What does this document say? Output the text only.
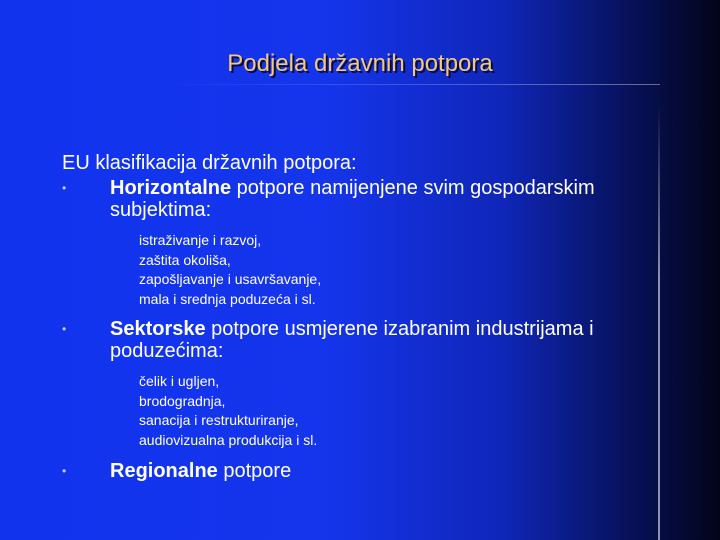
Podjela državnih potpora
EU klasifikacija državnih potpora:
• Horizontalne potpore namijenjene svim gospodarskim subjektima:
istraživanje i razvoj,
zaštita okoliša,
zapošljavanje i usavršavanje,
mala i srednja poduzeća i sl.
• Sektorske potpore usmjerene izabranim industrijama i poduzećima:
čelik i ugljen,
brodogradnja,
sanacija i restrukturiranje,
audiovizualna produkcija i sl.
• Regionalne potpore
